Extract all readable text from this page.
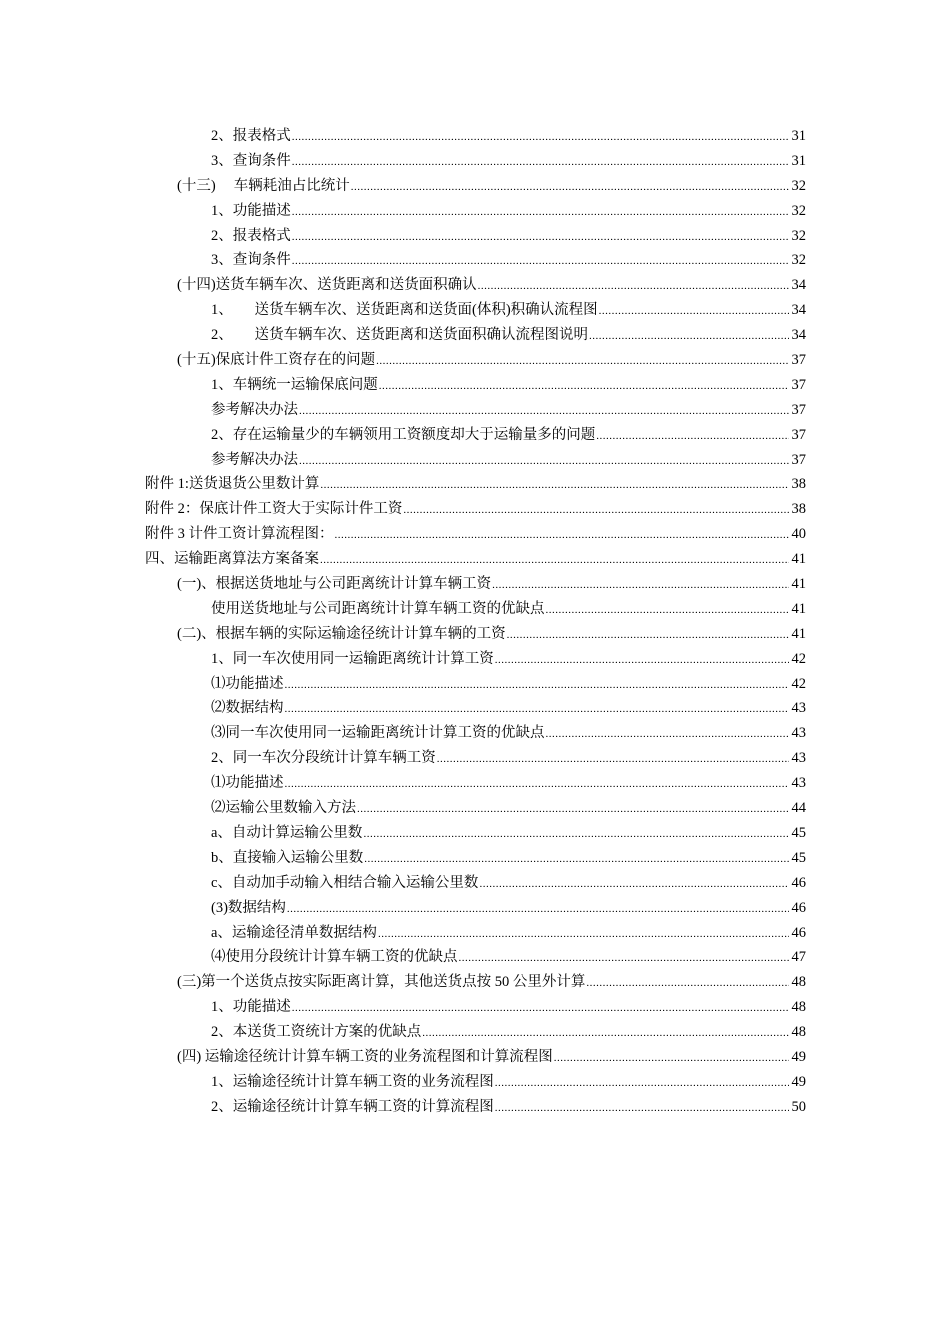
2、报表格式 .....	31
3、查询条件 .....	31
(十三)     车辆耗油占比统计 .....	32
1、功能描述 .....	32
2、报表格式 .....	32
3、查询条件 .....	32
(十四)送货车辆车次、送货距离和送货面积确认 .....	34
1、      送货车辆车次、送货距离和送货面(体积)积确认流程图 .....	34
2、      送货车辆车次、送货距离和送货面积确认流程图说明 .....	34
(十五)保底计件工资存在的问题 .....	37
1、车辆统一运输保底问题 .....	37
参考解决办法 .....	37
2、存在运输量少的车辆领用工资额度却大于运输量多的问题 .....	37
参考解决办法 .....	37
附件 1:送货退货公里数计算 .....	38
附件 2：保底计件工资大于实际计件工资 .....	38
附件 3 计件工资计算流程图： .....	40
四、运输距离算法方案备案 .....	41
(一)、根据送货地址与公司距离统计计算车辆工资 .....	41
使用送货地址与公司距离统计计算车辆工资的优缺点 .....	41
(二)、根据车辆的实际运输途径统计计算车辆的工资 .....	41
1、同一车次使用同一运输距离统计计算工资 .....	42
⑴功能描述 .....	42
⑵数据结构 .....	43
⑶同一车次使用同一运输距离统计计算工资的优缺点 .....	43
2、同一车次分段统计计算车辆工资 .....	43
⑴功能描述 .....	43
⑵运输公里数输入方法 .....	44
a、自动计算运输公里数 .....	45
b、直接输入运输公里数 .....	45
c、自动加手动输入相结合输入运输公里数 .....	46
(3)数据结构 .....	46
a、运输途径清单数据结构 .....	46
⑷使用分段统计计算车辆工资的优缺点 .....	47
(三)第一个送货点按实际距离计算，其他送货点按 50 公里外计算 .....	48
1、功能描述 .....	48
2、本送货工资统计方案的优缺点 .....	48
(四) 运输途径统计计算车辆工资的业务流程图和计算流程图 .....	49
1、运输途径统计计算车辆工资的业务流程图 .....	49
2、运输途径统计计算车辆工资的计算流程图 .....	50
